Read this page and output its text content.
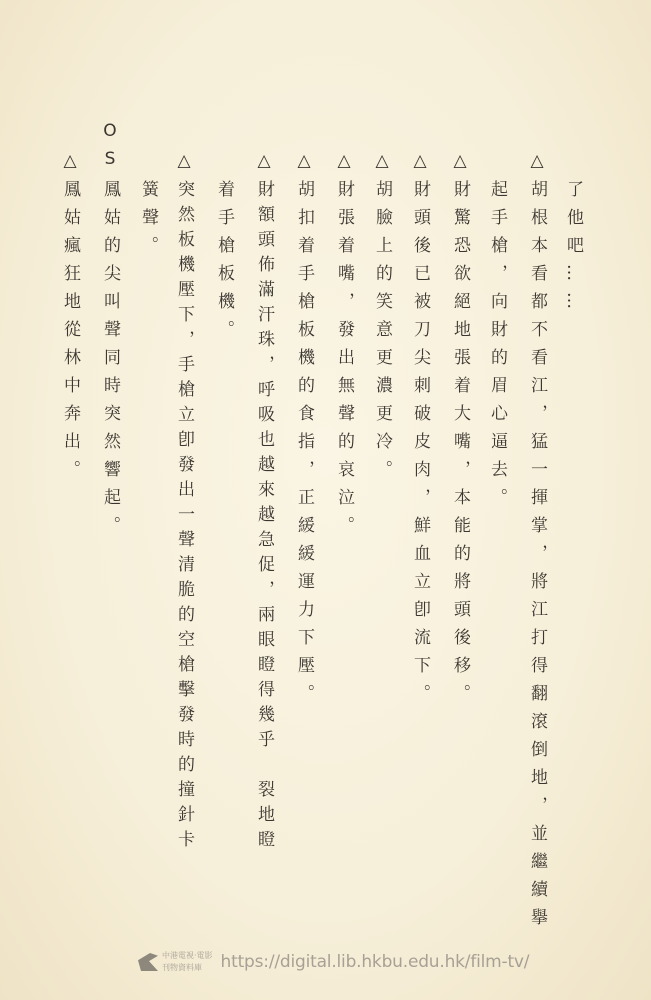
了他吧……
△
胡根本看都不看江，猛一揮掌，將江打得翻滾倒地，並繼續擧
起手槍，向財的眉心逼去。
△
財驚恐欲絕地張着大嘴，本能的將頭後移。
△
財頭後已被刀尖刺破皮肉，鮮血立卽流下。
△
胡臉上的笑意更濃更冷。
△
財張着嘴，發出無聲的哀泣。
△
胡扣着手槍板機的食指，正緩緩運力下壓。
△
財額頭佈滿汗珠，呼吸也越來越急促，兩眼瞪得幾乎　裂地瞪
着手槍板機。
△
突然板機壓下，手槍立卽發出一聲清脆的空槍擊發時的撞針卡
簧聲。
O
S
鳳姑的尖叫聲同時突然響起。
△
鳳姑瘋狂地從林中奔出。
中港電視‧電影
刊物資料庫	https://digital.lib.hkbu.edu.hk/film-tv/
